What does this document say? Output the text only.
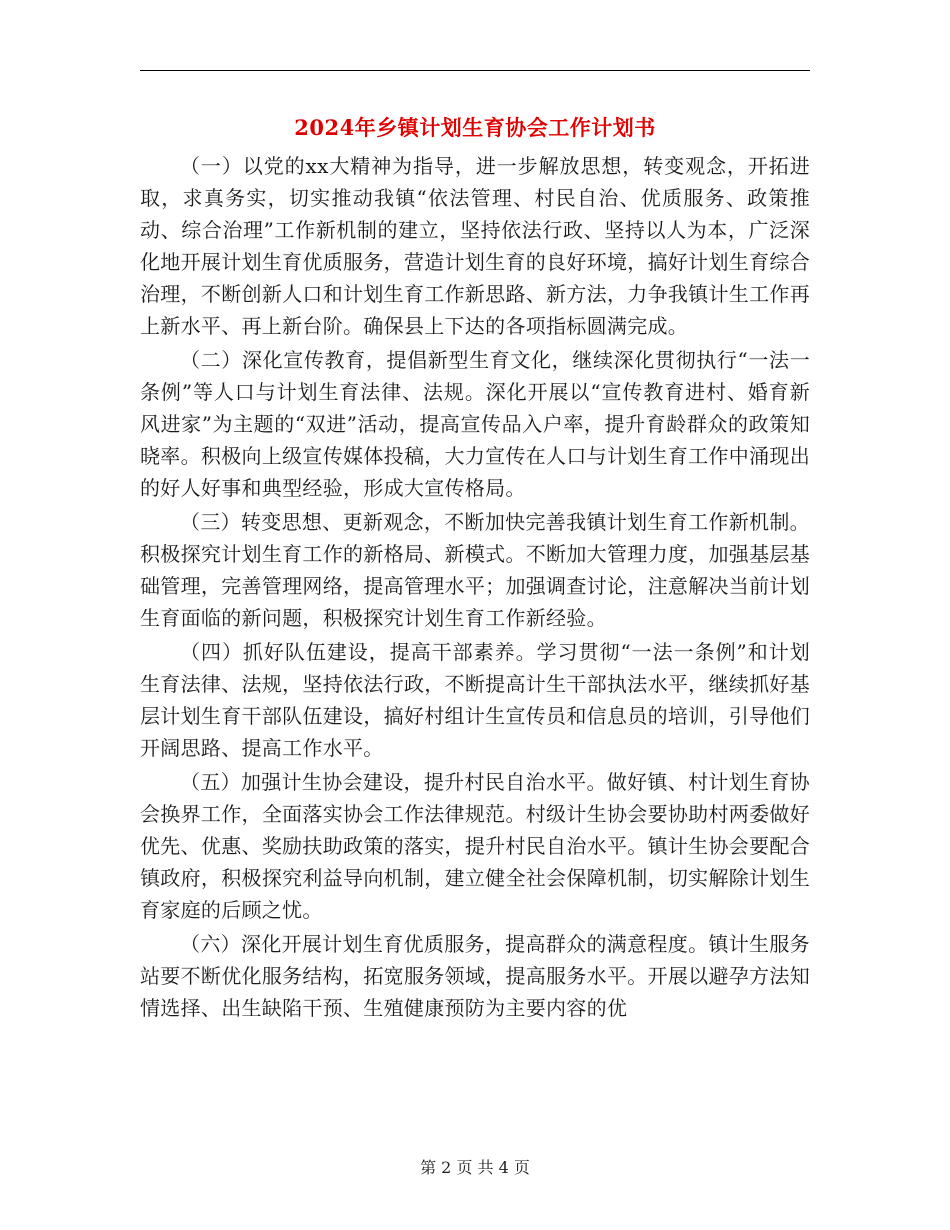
2024年乡镇计划生育协会工作计划书

（一）以党的xx大精神为指导，进一步解放思想，转变观念，开拓进取，求真务实，切实推动我镇“依法管理、村民自治、优质服务、政策推动、综合治理”工作新机制的建立，坚持依法行政、坚持以人为本，广泛深化地开展计划生育优质服务，营造计划生育的良好环境，搞好计划生育综合治理，不断创新人口和计划生育工作新思路、新方法，力争我镇计生工作再上新水平、再上新台阶。确保县上下达的各项指标圆满完成。

（二）深化宣传教育，提倡新型生育文化，继续深化贯彻执行“一法一条例”等人口与计划生育法律、法规。深化开展以“宣传教育进村、婚育新风进家”为主题的“双进”活动，提高宣传品入户率，提升育龄群众的政策知晓率。积极向上级宣传媒体投稿，大力宣传在人口与计划生育工作中涌现出的好人好事和典型经验，形成大宣传格局。

（三）转变思想、更新观念，不断加快完善我镇计划生育工作新机制。积极探究计划生育工作的新格局、新模式。不断加大管理力度，加强基层基础管理，完善管理网络，提高管理水平；加强调查讨论，注意解决当前计划生育面临的新问题，积极探究计划生育工作新经验。

（四）抓好队伍建设，提高干部素养。学习贯彻“一法一条例”和计划生育法律、法规，坚持依法行政，不断提高计生干部执法水平，继续抓好基层计划生育干部队伍建设，搞好村组计生宣传员和信息员的培训，引导他们开阔思路、提高工作水平。

（五）加强计生协会建设，提升村民自治水平。做好镇、村计划生育协会换界工作，全面落实协会工作法律规范。村级计生协会要协助村两委做好优先、优惠、奖励扶助政策的落实，提升村民自治水平。镇计生协会要配合镇政府，积极探究利益导向机制，建立健全社会保障机制，切实解除计划生育家庭的后顾之忧。

（六）深化开展计划生育优质服务，提高群众的满意程度。镇计生服务站要不断优化服务结构，拓宽服务领域，提高服务水平。开展以避孕方法知情选择、出生缺陷干预、生殖健康预防为主要内容的优

第 2 页 共 4 页
